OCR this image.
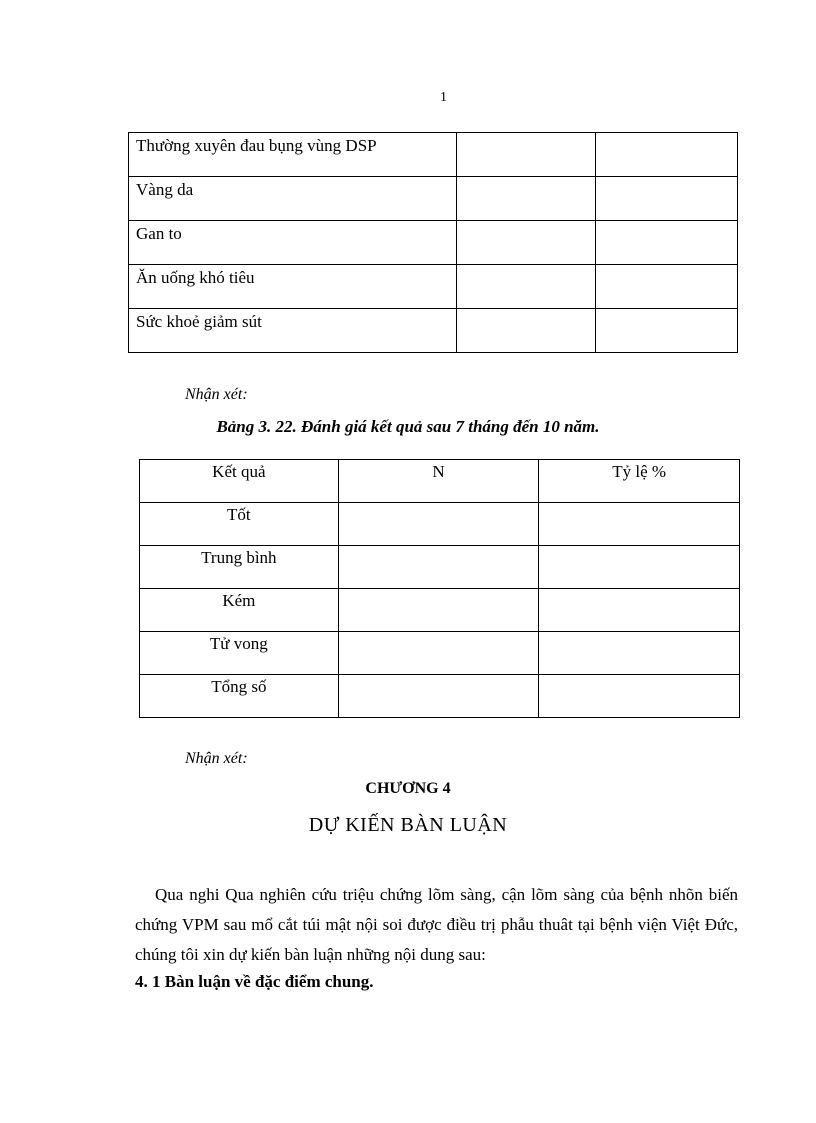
1
Thường xuyên đau bụng vùng DSP		
Vàng da		
Gan to		
Ăn uống khó tiêu		
Sức khoẻ giảm sút		
Nhận xét:
Bảng 3. 22. Đánh giá kết quả sau 7 tháng đến 10 năm.
Kết quả	N	Tỷ lệ %
Tốt		
Trung bình		
Kém		
Tử vong		
Tổng số		
Nhận xét:
CHƯƠNG 4
DỰ KIẾN BÀN LUẬN

Qua nghi Qua nghiên cứu triệu chứng lõm sàng, cận lõm sàng của bệnh nhõn biến chứng VPM sau mổ cắt túi mật nội soi được điều trị phẫu thuât tại bệnh viện Việt Đức, chúng tôi xin dự kiến bàn luận những nội dung sau:

4. 1 Bàn luận về đặc điểm chung.
